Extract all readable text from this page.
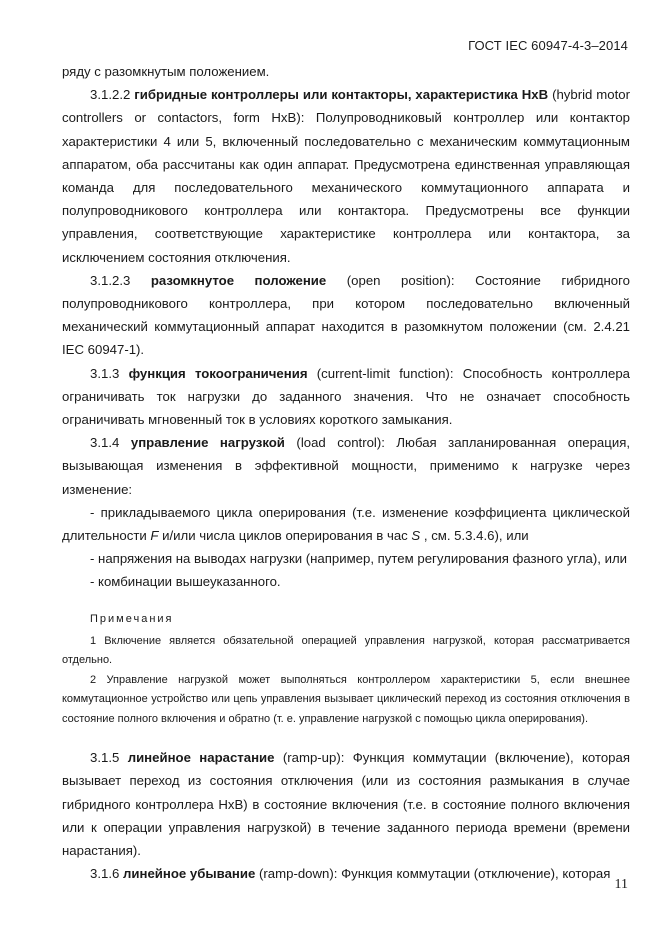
ГОСТ IEC 60947-4-3–2014

ряду с разомкнутым положением.

3.1.2.2 гибридные контроллеры или контакторы, характеристика HxB (hybrid motor controllers or contactors, form HxB): Полупроводниковый контроллер или контактор характеристики 4 или 5, включенный последовательно с механическим коммутационным аппаратом, оба рассчитаны как один аппарат. Предусмотрена единственная управляющая команда для последовательного механического коммутационного аппарата и полупроводникового контроллера или контактора. Предусмотрены все функции управления, соответствующие характеристике контроллера или контактора, за исключением состояния отключения.

3.1.2.3 разомкнутое положение (open position): Состояние гибридного полупроводникового контроллера, при котором последовательно включенный механический коммутационный аппарат находится в разомкнутом положении (см. 2.4.21 IEC 60947-1).

3.1.3 функция токоограничения (current-limit function): Способность контроллера ограничивать ток нагрузки до заданного значения. Что не означает способность ограничивать мгновенный ток в условиях короткого замыкания.

3.1.4 управление нагрузкой (load control): Любая запланированная операция, вызывающая изменения в эффективной мощности, применимо к нагрузке через изменение:

- прикладываемого цикла оперирования (т.е. изменение коэффициента циклической длительности F и/или числа циклов оперирования в час S , см. 5.3.4.6), или

- напряжения на выводах нагрузки (например, путем регулирования фазного угла), или

- комбинации вышеуказанного.

Примечания

1 Включение является обязательной операцией управления нагрузкой, которая рассматривается отдельно.

2 Управление нагрузкой может выполняться контроллером характеристики 5, если внешнее коммутационное устройство или цепь управления вызывает циклический переход из состояния отключения в состояние полного включения и обратно (т. е. управление нагрузкой с помощью цикла оперирования).

3.1.5 линейное нарастание (ramp-up): Функция коммутации (включение), которая вызывает переход из состояния отключения (или из состояния размыкания в случае гибридного контроллера HxB) в состояние включения (т.е. в состояние полного включения или к операции управления нагрузкой) в течение заданного периода времени (времени нарастания).

3.1.6 линейное убывание (ramp-down): Функция коммутации (отключение), которая

11
